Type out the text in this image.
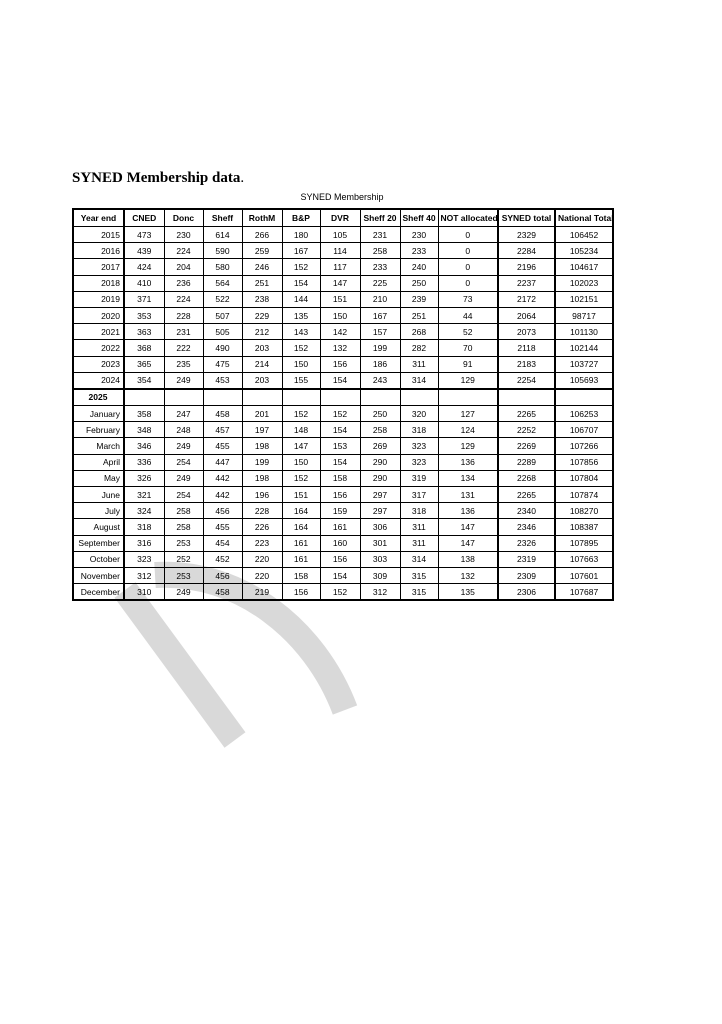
DRAFT
SYNED Membership data.
SYNED Membership
Year end	CNED	Donc	Sheff	RothM	B&P	DVR	Sheff 20	Sheff 40	NOT allocated	SYNED total	National Total
2015	473	230	614	266	180	105	231	230	0	2329	106452
2016	439	224	590	259	167	114	258	233	0	2284	105234
2017	424	204	580	246	152	117	233	240	0	2196	104617
2018	410	236	564	251	154	147	225	250	0	2237	102023
2019	371	224	522	238	144	151	210	239	73	2172	102151
2020	353	228	507	229	135	150	167	251	44	2064	98717
2021	363	231	505	212	143	142	157	268	52	2073	101130
2022	368	222	490	203	152	132	199	282	70	2118	102144
2023	365	235	475	214	150	156	186	311	91	2183	103727
2024	354	249	453	203	155	154	243	314	129	2254	105693
2025											
January	358	247	458	201	152	152	250	320	127	2265	106253
February	348	248	457	197	148	154	258	318	124	2252	106707
March	346	249	455	198	147	153	269	323	129	2269	107266
April	336	254	447	199	150	154	290	323	136	2289	107856
May	326	249	442	198	152	158	290	319	134	2268	107804
June	321	254	442	196	151	156	297	317	131	2265	107874
July	324	258	456	228	164	159	297	318	136	2340	108270
August	318	258	455	226	164	161	306	311	147	2346	108387
September	316	253	454	223	161	160	301	311	147	2326	107895
October	323	252	452	220	161	156	303	314	138	2319	107663
November	312	253	456	220	158	154	309	315	132	2309	107601
December	310	249	458	219	156	152	312	315	135	2306	107687
